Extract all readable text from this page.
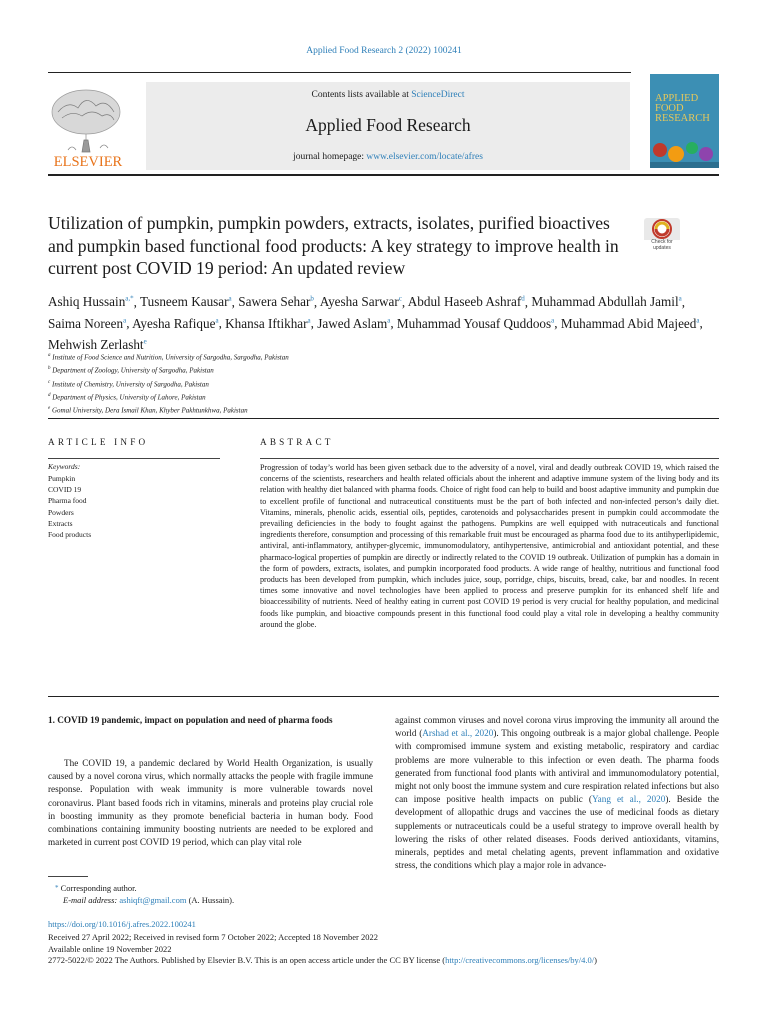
Applied Food Research 2 (2022) 100241
ELSEVIER
Contents lists available at ScienceDirect
Applied Food Research
journal homepage: www.elsevier.com/locate/afres
APPLIED
FOOD
RESEARCH
Utilization of pumpkin, pumpkin powders, extracts, isolates, purified bioactives and pumpkin based functional food products: A key strategy to improve health in current post COVID 19 period: An updated review
Check for updates
Ashiq Hussain$^{a,*}$, Tusneem Kausar$^a$, Sawera Sehar$^b$, Ayesha Sarwar$^c$, Abdul Haseeb Ashraf$^d$, Muhammad Abdullah Jamil$^a$, Saima Noreen$^a$, Ayesha Rafique$^a$, Khansa Iftikhar$^a$, Jawed Aslam$^a$, Muhammad Yousaf Quddoos$^a$, Muhammad Abid Majeed$^a$, Mehwish Zerlasht$^e$
$^a$ Institute of Food Science and Nutrition, University of Sargodha, Sargodha, Pakistan
$^b$ Department of Zoology, University of Sargodha, Pakistan
$^c$ Institute of Chemistry, University of Sargodha, Pakistan
$^d$ Department of Physics, University of Lahore, Pakistan
$^e$ Gomal University, Dera Ismail Khan, Khyber Pakhtunkhwa, Pakistan
ARTICLE INFO
Keywords:
Pumpkin
COVID 19
Pharma food
Powders
Extracts
Food products
ABSTRACT
Progression of today’s world has been given setback due to the adversity of a novel, viral and deadly outbreak COVID 19, which raised the concerns of the scientists, researchers and health related officials about the inherent and adaptive immune system of the living body and its relation with healthy diet balanced with pharma foods. Choice of right food can help to build and boost adaptive immunity and pumpkin due to excellent profile of functional and nutraceutical constituents must be the part of both infected and non-infected person’s daily diet. Vitamins, minerals, phenolic acids, essential oils, peptides, carotenoids and polysaccharides present in pumpkin could accommodate the prevailing deficiencies in the body to fought against the pathogens. Pumpkins are well equipped with nutraceuticals and functional ingredients therefore, consumption and processing of this remarkable fruit must be encouraged as pharma food due to its antihyperlipidemic, antiviral, anti-inflammatory, antihyper-glycemic, immunomodulatory, antihypertensive, antimicrobial and antioxidant potential, and these pharmaco-logical properties of pumpkin are directly or indirectly related to the COVID 19 outbreak. Utilization of pumpkin has a domain in the form of powders, extracts, isolates, and pumpkin incorporated food products. A wide range of healthy, nutritious and functional food products has been developed from pumpkin, which includes juice, soup, porridge, chips, biscuits, bread, cake, bar and noodles. In recent times some innovative and novel technologies have been applied to process and preserve pumpkin for its enhanced shelf life and bioaccessibility of nutrients. Need of healthy eating in current post COVID 19 period is very crucial for healthy population, and medicinal foods like pumpkin, and bioactive compounds present in this functional food could play a vital role in developing a healthy community around the globe.
1. COVID 19 pandemic, impact on population and need of pharma foods

The COVID 19, a pandemic declared by World Health Organization, is usually caused by a novel corona virus, which normally attacks the people with fragile immune response. Population with weak immunity is more vulnerable towards novel coronavirus. Plant based foods rich in vitamins, minerals and proteins play crucial role in boosting immunity as they promote beneficial bacteria in human body. Food combinations containing immunity boosting nutrients are needed to be explored and marketed in current post COVID 19 period, which can play vital role

against common viruses and novel corona virus improving the immunity all around the world (Arshad et al., 2020). This ongoing outbreak is a major global challenge. People with compromised immune system and existing metabolic, respiratory and cardiac problems are more vulnerable to this infection or even death. The pharma foods generated from functional food plants with antiviral and immunomodulatory potential, might not only boost the immune system and cure respiration related infections but also can impose positive health impacts on public (Yang et al., 2020). Beside the development of allopathic drugs and vaccines the use of medicinal foods as dietary supplements or nutraceuticals could be a useful strategy to improve overall health by lowering the risks of other related diseases. Foods derived antioxidants, vitamins, minerals, peptides and metal chelating agents, prevent inflammation and oxidative stress, the conditions which play a major role in advance-

* Corresponding author.
E-mail address: ashiqft@gmail.com (A. Hussain).
https://doi.org/10.1016/j.afres.2022.100241
Received 27 April 2022; Received in revised form 7 October 2022; Accepted 18 November 2022
Available online 19 November 2022
2772-5022/© 2022 The Authors. Published by Elsevier B.V. This is an open access article under the CC BY license (http://creativecommons.org/licenses/by/4.0/)
